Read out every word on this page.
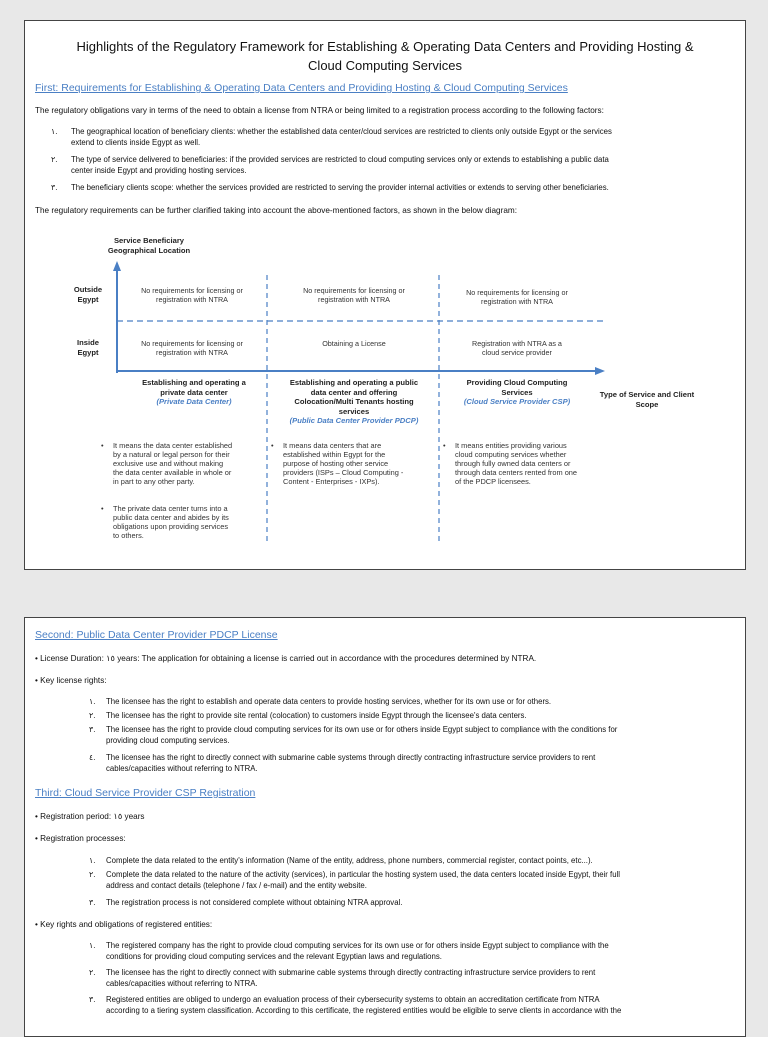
Highlights of the Regulatory Framework for Establishing & Operating Data Centers and Providing Hosting &
Cloud Computing Services
First: Requirements for Establishing & Operating Data Centers and Providing Hosting & Cloud Computing Services
The regulatory obligations vary in terms of the need to obtain a license from NTRA or being limited to a registration process according to the following factors:
١. The geographical location of beneficiary clients: whether the established data center/cloud services are restricted to clients only outside Egypt or the services
extend to clients inside Egypt as well.
٢. The type of service delivered to beneficiaries: if the provided services are restricted to cloud computing services only or extends to establishing a public data
center inside Egypt and providing hosting services.
٣. The beneficiary clients scope: whether the services provided are restricted to serving the provider internal activities or extends to serving other beneficiaries.
The regulatory requirements can be further clarified taking into account the above-mentioned factors, as shown in the below diagram:
Service Beneficiary
Geographical Location
Outside
Egypt
Inside
Egypt
No requirements for licensing or
registration with NTRA
No requirements for licensing or
registration with NTRA
No requirements for licensing or
registration with NTRA
No requirements for licensing or
registration with NTRA
Obtaining a License	Registration with NTRA as a
cloud service provider
Establishing and operating a
private data center
(Private Data Center)
Establishing and operating a public
data center and offering
Colocation/Multi Tenants hosting
services
(Public Data Center Provider PDCP)
Providing Cloud Computing
Services
(Cloud Service Provider CSP)
Type of Service and Client
Scope
• It means the data center established
by a natural or legal person for their
exclusive use and without making
the data center available in whole or
in part to any other party.
• The private data center turns into a
public data center and abides by its
obligations upon providing services
to others.
• It means data centers that are
established within Egypt for the
purpose of hosting other service
providers (ISPs – Cloud Computing -
Content - Enterprises - IXPs).
• It means entities providing various
cloud computing services whether
through fully owned data centers or
through data centers rented from one
of the PDCP licensees.
Second: Public Data Center Provider PDCP License
• License Duration: ١٥ years: The application for obtaining a license is carried out in accordance with the procedures determined by NTRA.
• Key license rights:
١. The licensee has the right to establish and operate data centers to provide hosting services, whether for its own use or for others.
٢. The licensee has the right to provide site rental (colocation) to customers inside Egypt through the licensee's data centers.
٣. The licensee has the right to provide cloud computing services for its own use or for others inside Egypt subject to compliance with the conditions for
providing cloud computing services.
٤. The licensee has the right to directly connect with submarine cable systems through directly contracting infrastructure service providers to rent
cables/capacities without referring to NTRA.
Third: Cloud Service Provider CSP Registration
• Registration period: ١٥ years
• Registration processes:
١. Complete the data related to the entity's information (Name of the entity, address, phone numbers, commercial register, contact points, etc...).
٢. Complete the data related to the nature of the activity (services), in particular the hosting system used, the data centers located inside Egypt, their full
address and contact details (telephone / fax / e-mail) and the entity website.
٣. The registration process is not considered complete without obtaining NTRA approval.
• Key rights and obligations of registered entities:
١. The registered company has the right to provide cloud computing services for its own use or for others inside Egypt subject to compliance with the
conditions for providing cloud computing services and the relevant Egyptian laws and regulations.
٢. The licensee has the right to directly connect with submarine cable systems through directly contracting infrastructure service providers to rent
cables/capacities without referring to NTRA.
٣. Registered entities are obliged to undergo an evaluation process of their cybersecurity systems to obtain an accreditation certificate from NTRA
according to a tiering system classification. According to this certificate, the registered entities would be eligible to serve clients in accordance with the
